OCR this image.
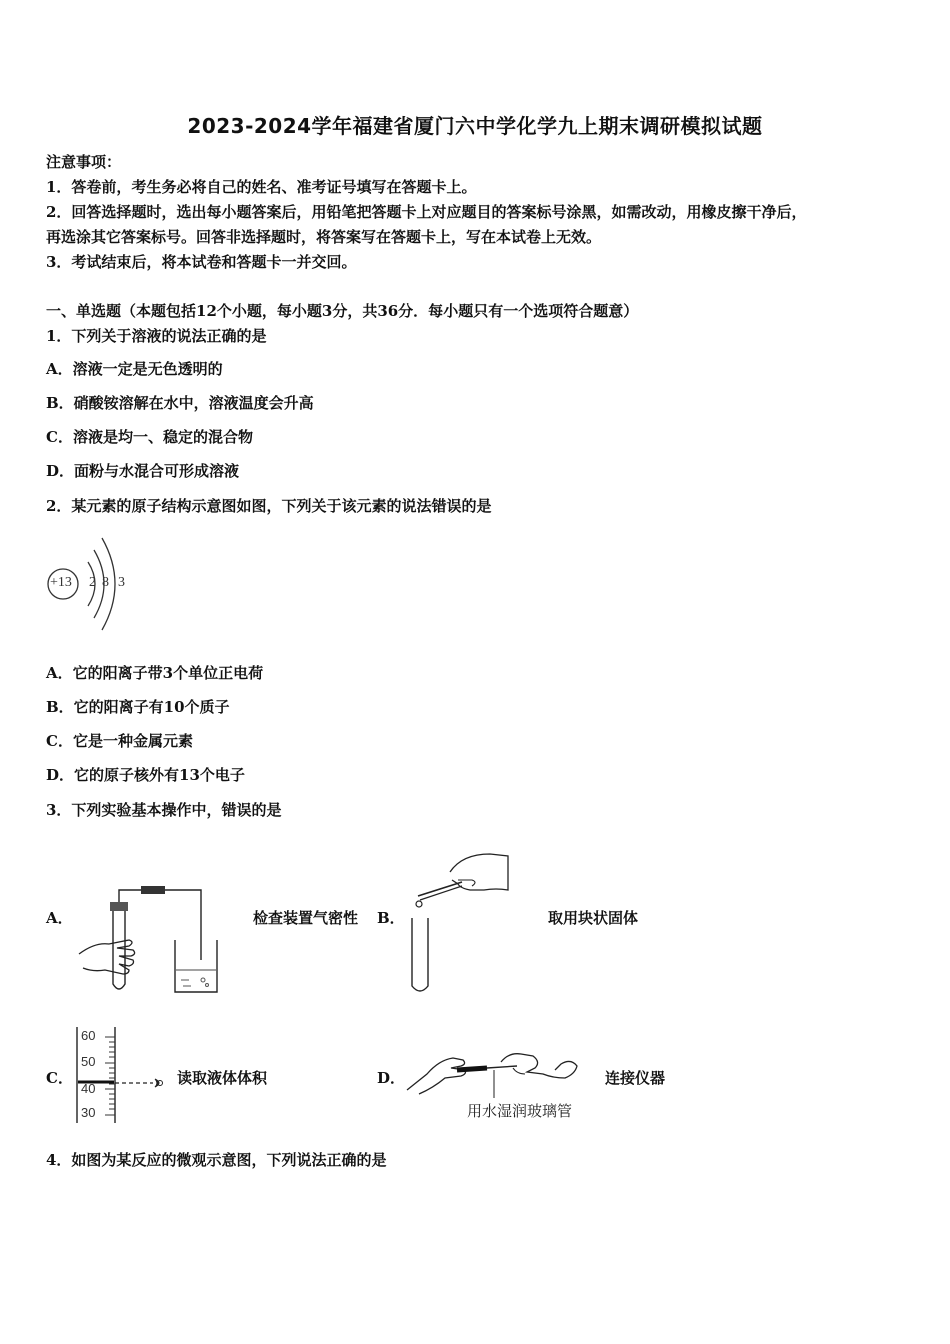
2023-2024学年福建省厦门六中学化学九上期末调研模拟试题
注意事项：
1．答卷前，考生务必将自己的姓名、准考证号填写在答题卡上。
2．回答选择题时，选出每小题答案后，用铅笔把答题卡上对应题目的答案标号涂黑，如需改动，用橡皮擦干净后，
再选涂其它答案标号。回答非选择题时，将答案写在答题卡上，写在本试卷上无效。
3．考试结束后，将本试卷和答题卡一并交回。
一、单选题（本题包括12个小题，每小题3分，共36分．每小题只有一个选项符合题意）
1．下列关于溶液的说法正确的是
A．溶液一定是无色透明的
B．硝酸铵溶解在水中，溶液温度会升高
C．溶液是均一、稳定的混合物
D．面粉与水混合可形成溶液
2．某元素的原子结构示意图如图，下列关于该元素的说法错误的是
+13 2 8 3
A．它的阳离子带3个单位正电荷
B．它的阳离子有10个质子
C．它是一种金属元素
D．它的原子核外有13个电子
3．下列实验基本操作中，错误的是
A．	检查装置气密性 B．	取用块状固体
C．
60
50
40
30
读取液体体积	D．
用水湿润玻璃管
连接仪器
4．如图为某反应的微观示意图，下列说法正确的是
